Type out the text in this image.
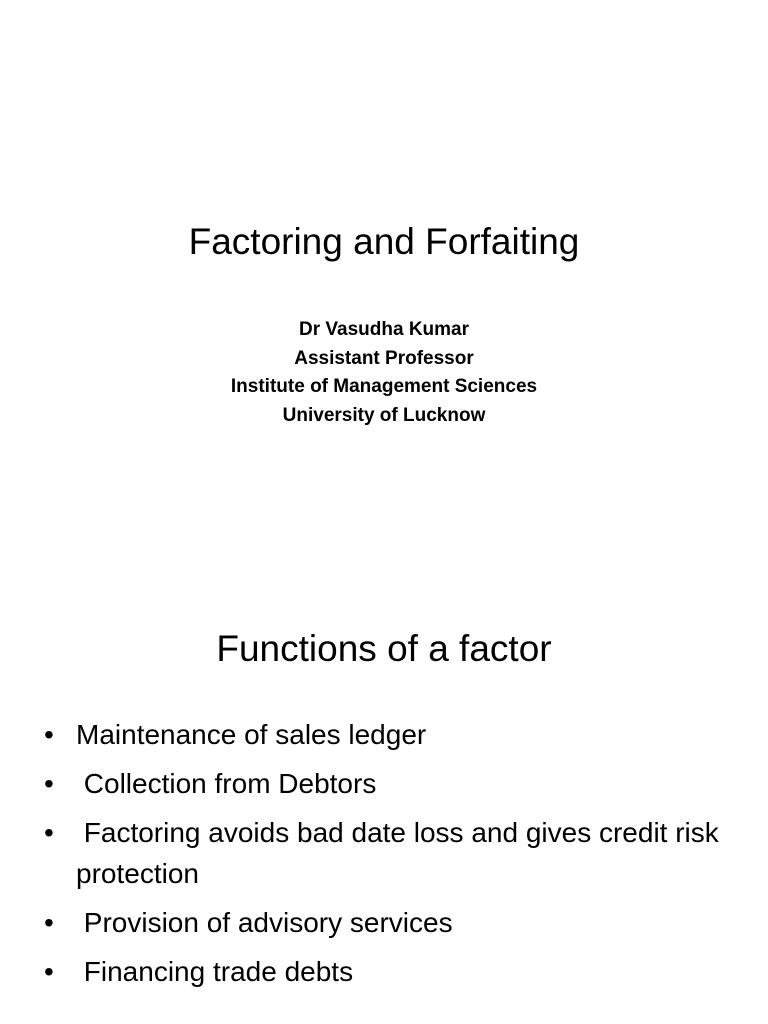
Factoring and Forfaiting
Dr Vasudha Kumar
Assistant Professor
Institute of Management Sciences
University of Lucknow
Functions of a factor
• Maintenance of sales ledger
• Collection from Debtors
• Factoring avoids bad date loss and gives credit risk protection
• Provision of advisory services
• Financing trade debts
